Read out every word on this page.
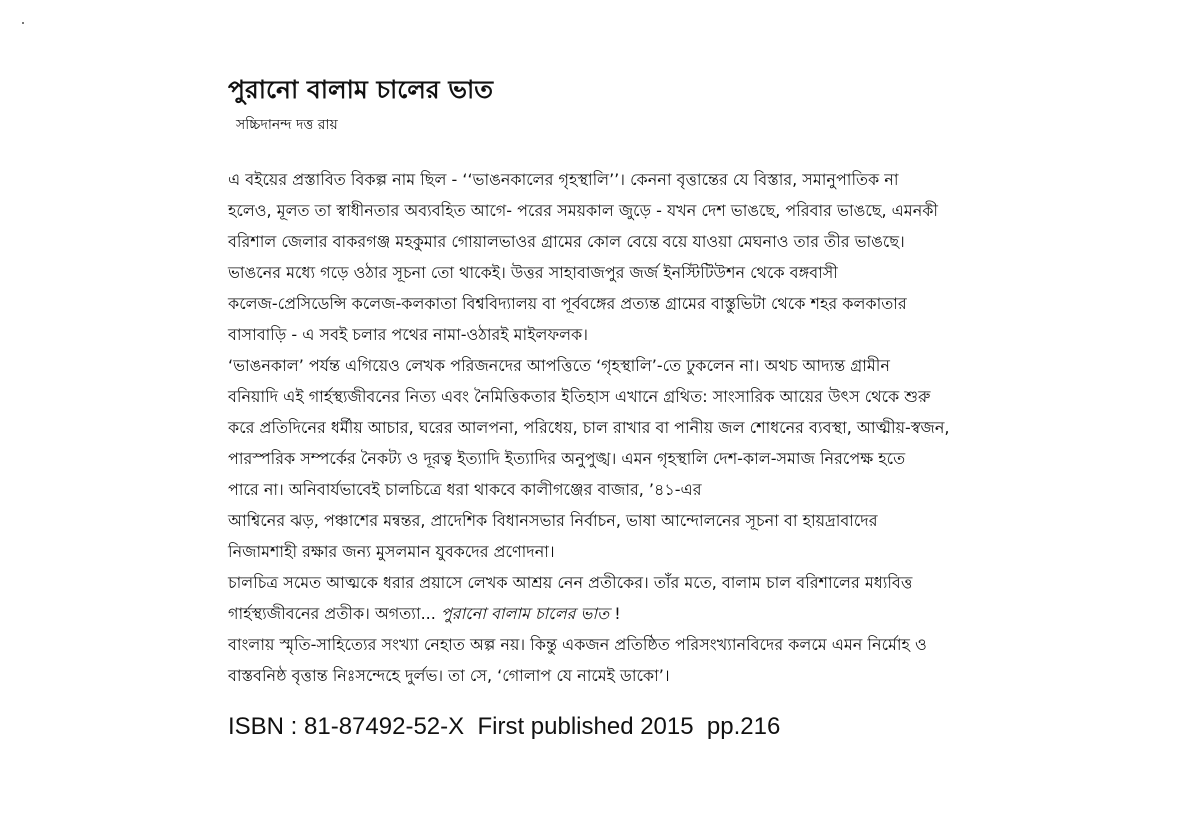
পুরানো বালাম চালের ভাত

সচ্চিদানন্দ দত্ত রায়

এ বইয়ের প্রস্তাবিত বিকল্প নাম ছিল - ‘‘ভাঙনকালের গৃহস্থালি’’। কেননা বৃত্তান্তের যে বিস্তার, সমানুপাতিক না
হলেও, মূলত তা স্বাধীনতার অব্যবহিত আগে- পরের সময়কাল জুড়ে - যখন দেশ ভাঙছে, পরিবার ভাঙছে, এমনকী
বরিশাল জেলার বাকরগঞ্জ মহকুমার গোয়ালভাওর গ্রামের কোল বেয়ে বয়ে যাওয়া মেঘনাও তার তীর ভাঙছে।
ভাঙনের মধ্যে গড়ে ওঠার সূচনা তো থাকেই। উত্তর সাহাবাজপুর জর্জ ইনস্টিটিউশন থেকে বঙ্গবাসী
কলেজ-প্রেসিডেন্সি কলেজ-কলকাতা বিশ্ববিদ্যালয় বা পূর্ববঙ্গের প্রত্যন্ত গ্রামের বাস্তুভিটা থেকে শহর কলকাতার
বাসাবাড়ি - এ সবই চলার পথের নামা-ওঠারই মাইলফলক।
‘ভাঙনকাল’ পর্যন্ত এগিয়েও লেখক পরিজনদের আপত্তিতে ‘গৃহস্থালি’-তে ঢুকলেন না। অথচ আদ্যন্ত গ্রামীন
বনিয়াদি এই গার্হস্থ্যজীবনের নিত্য এবং নৈমিত্তিকতার ইতিহাস এখানে গ্রথিত: সাংসারিক আয়ের উৎস থেকে শুরু
করে প্রতিদিনের ধর্মীয় আচার, ঘরের আলপনা, পরিধেয়, চাল রাখার বা পানীয় জল শোধনের ব্যবস্থা, আত্মীয়-স্বজন,
পারস্পরিক সম্পর্কের নৈকট্য ও দূরত্ব ইত্যাদি ইত্যাদির অনুপুঙ্খ। এমন গৃহস্থালি দেশ-কাল-সমাজ নিরপেক্ষ হতে
পারে না। অনিবার্যভাবেই চালচিত্রে ধরা থাকবে কালীগঞ্জের বাজার, ’৪১-এর
আশ্বিনের ঝড়, পঞ্চাশের মন্বন্তর, প্রাদেশিক বিধানসভার নির্বাচন, ভাষা আন্দোলনের সূচনা বা হায়দ্রাবাদের
নিজামশাহী রক্ষার জন্য মুসলমান যুবকদের প্রণোদনা।
চালচিত্র সমেত আত্মকে ধরার প্রয়াসে লেখক আশ্রয় নেন প্রতীকের। তাঁর মতে, বালাম চাল বরিশালের মধ্যবিত্ত
গার্হস্থ্যজীবনের প্রতীক। অগত্যা... পুরানো বালাম চালের ভাত !
বাংলায় স্মৃতি-সাহিত্যের সংখ্যা নেহাত অল্প নয়। কিন্তু একজন প্রতিষ্ঠিত পরিসংখ্যানবিদের কলমে এমন নির্মোহ ও
বাস্তবনিষ্ঠ বৃত্তান্ত নিঃসন্দেহে দুর্লভ। তা সে, ‘গোলাপ যে নামেই ডাকো’।

ISBN : 81-87492-52-X  First published 2015  pp.216
